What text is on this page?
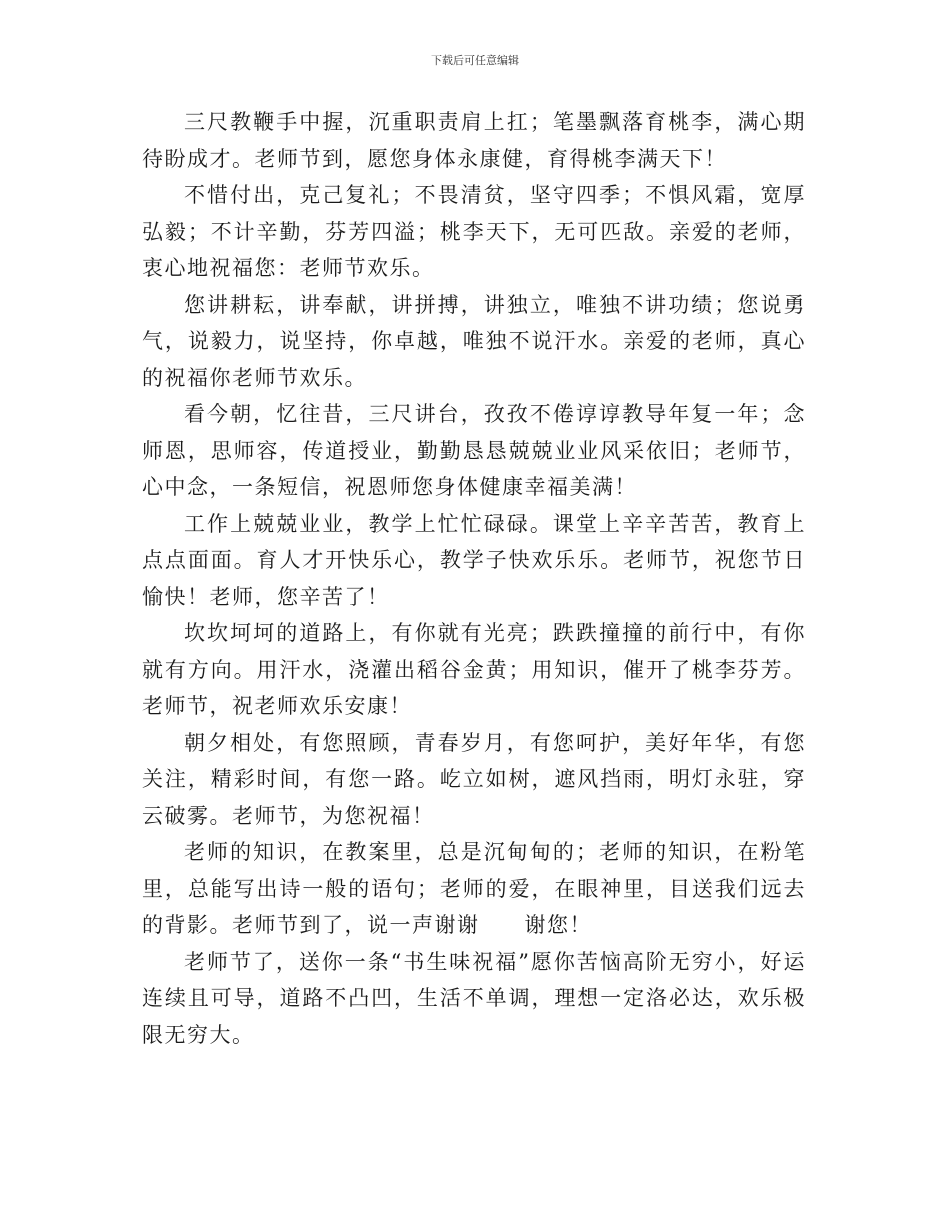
下载后可任意编辑

三尺教鞭手中握，沉重职责肩上扛；笔墨飘落育桃李，满心期待盼成才。老师节到，愿您身体永康健，育得桃李满天下！

不惜付出，克己复礼；不畏清贫，坚守四季；不惧风霜，宽厚弘毅；不计辛勤，芬芳四溢；桃李天下，无可匹敌。亲爱的老师，衷心地祝福您：老师节欢乐。

您讲耕耘，讲奉献，讲拼搏，讲独立，唯独不讲功绩；您说勇气，说毅力，说坚持，你卓越，唯独不说汗水。亲爱的老师，真心的祝福你老师节欢乐。

看今朝，忆往昔，三尺讲台，孜孜不倦谆谆教导年复一年；念师恩，思师容，传道授业，勤勤恳恳兢兢业业风采依旧；老师节，心中念，一条短信，祝恩师您身体健康幸福美满！

工作上兢兢业业，教学上忙忙碌碌。课堂上辛辛苦苦，教育上点点面面。育人才开快乐心，教学子快欢乐乐。老师节，祝您节日愉快！老师，您辛苦了！

坎坎坷坷的道路上，有你就有光亮；跌跌撞撞的前行中，有你就有方向。用汗水，浇灌出稻谷金黄；用知识，催开了桃李芬芳。老师节，祝老师欢乐安康！

朝夕相处，有您照顾，青春岁月，有您呵护，美好年华，有您关注，精彩时间，有您一路。屹立如树，遮风挡雨，明灯永驻，穿云破雾。老师节，为您祝福！

老师的知识，在教案里，总是沉甸甸的；老师的知识，在粉笔里，总能写出诗一般的语句；老师的爱，在眼神里，目送我们远去的背影。老师节到了，说一声谢谢　　谢您！

老师节了，送你一条“书生味祝福”愿你苦恼高阶无穷小，好运连续且可导，道路不凸凹，生活不单调，理想一定洛必达，欢乐极限无穷大。
